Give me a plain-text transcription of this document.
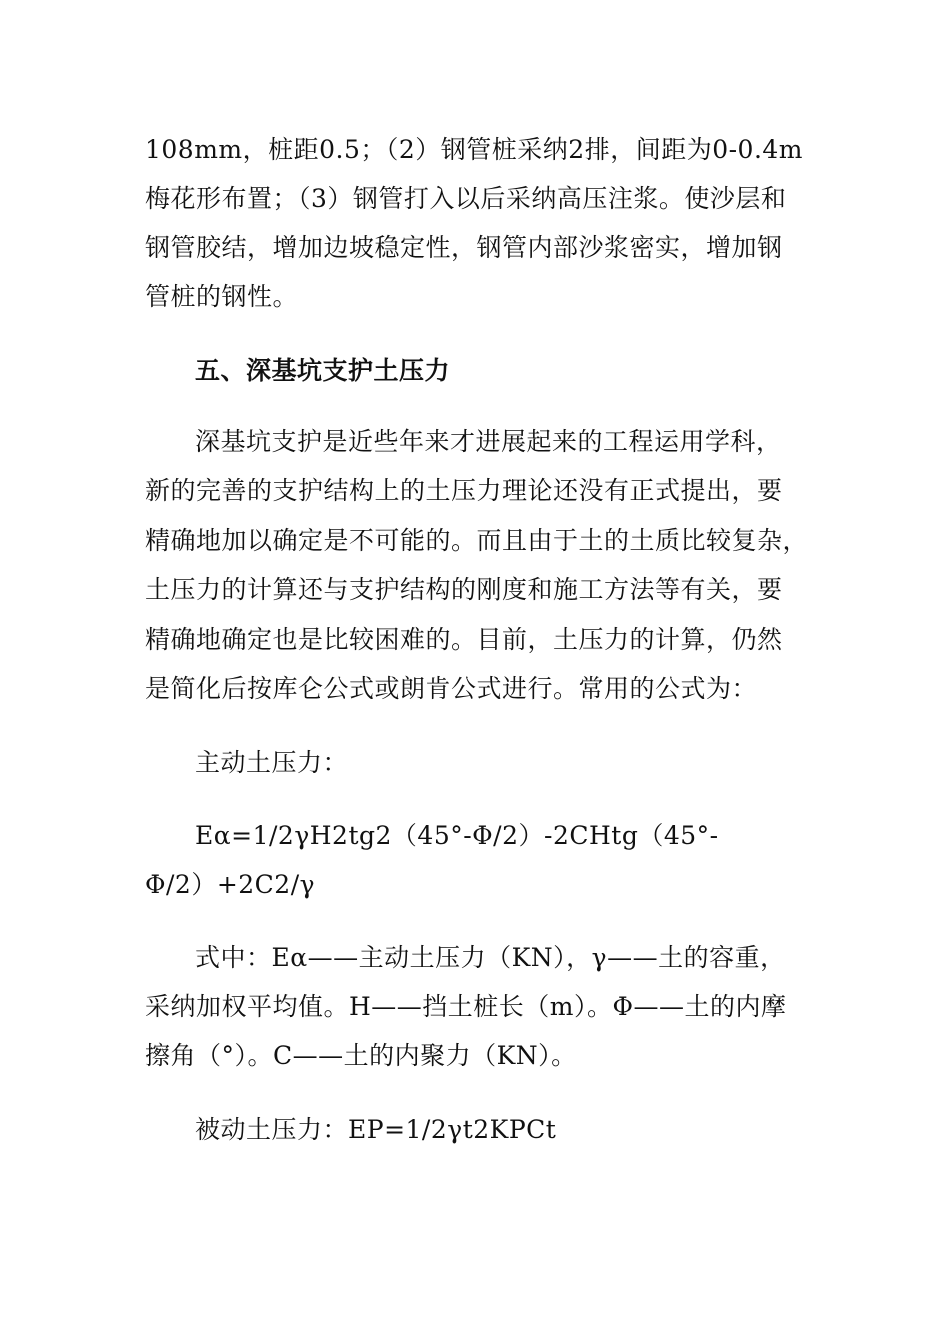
108mm，桩距0.5；（2）钢管桩采纳2排，间距为0-0.4m

梅花形布置；（3）钢管打入以后采纳高压注浆。使沙层和

钢管胶结，增加边坡稳定性，钢管内部沙浆密实，增加钢

管桩的钢性。

五、深基坑支护土压力

深基坑支护是近些年来才进展起来的工程运用学科，

新的完善的支护结构上的土压力理论还没有正式提出，要

精确地加以确定是不可能的。而且由于土的土质比较复杂，

土压力的计算还与支护结构的刚度和施工方法等有关，要

精确地确定也是比较困难的。目前，土压力的计算，仍然

是简化后按库仑公式或朗肯公式进行。常用的公式为：

主动土压力：

Eα=1/2γH2tg2（45°-Φ/2）-2CHtg（45°-

Φ/2）+2C2/γ

式中：Eα——主动土压力（KN），γ——土的容重，

采纳加权平均值。H——挡土桩长（m）。Φ——土的内摩

擦角（°）。C——土的内聚力（KN）。

被动土压力：EP=1/2γt2KPCt
